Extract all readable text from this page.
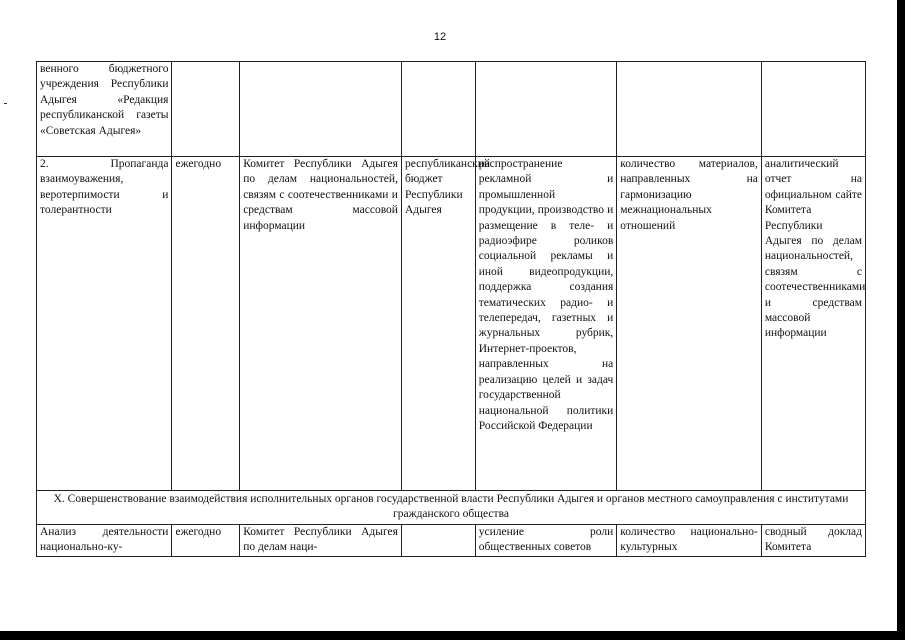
12
венного бюджетного учреждения Республики Адыгея «Редакция республиканской газеты «Советская Адыгея»						
2. Пропаганда взаимоуважения, веротерпимости и толерантности	ежегодно	Комитет Республики Адыгея по делам национальностей, связям с соотечественниками и средствам массовой информации	республиканский бюджет Республики Адыгея	распространение рекламной и промышленной продукции, производство и размещение в теле- и радиоэфире роликов социальной рекламы и иной видеопродукции, поддержка создания тематических радио- и телепередач, газетных и журнальных рубрик, Интернет-проектов, направленных на реализацию целей и задач государственной национальной политики Российской Федерации	количество материалов, направленных на гармонизацию межнациональных отношений	аналитический отчет на официальном сайте Комитета Республики Адыгея по делам национальностей, связям с соотечественниками и средствам массовой информации
X. Совершенствование взаимодействия исполнительных органов государственной власти Республики Адыгея и органов местного самоуправления с институтами гражданского общества						
Анализ деятельности национально-ку-	ежегодно	Комитет Республики Адыгея по делам наци-		усиление роли общественных советов	количество национально-культурных	сводный доклад Комитета
